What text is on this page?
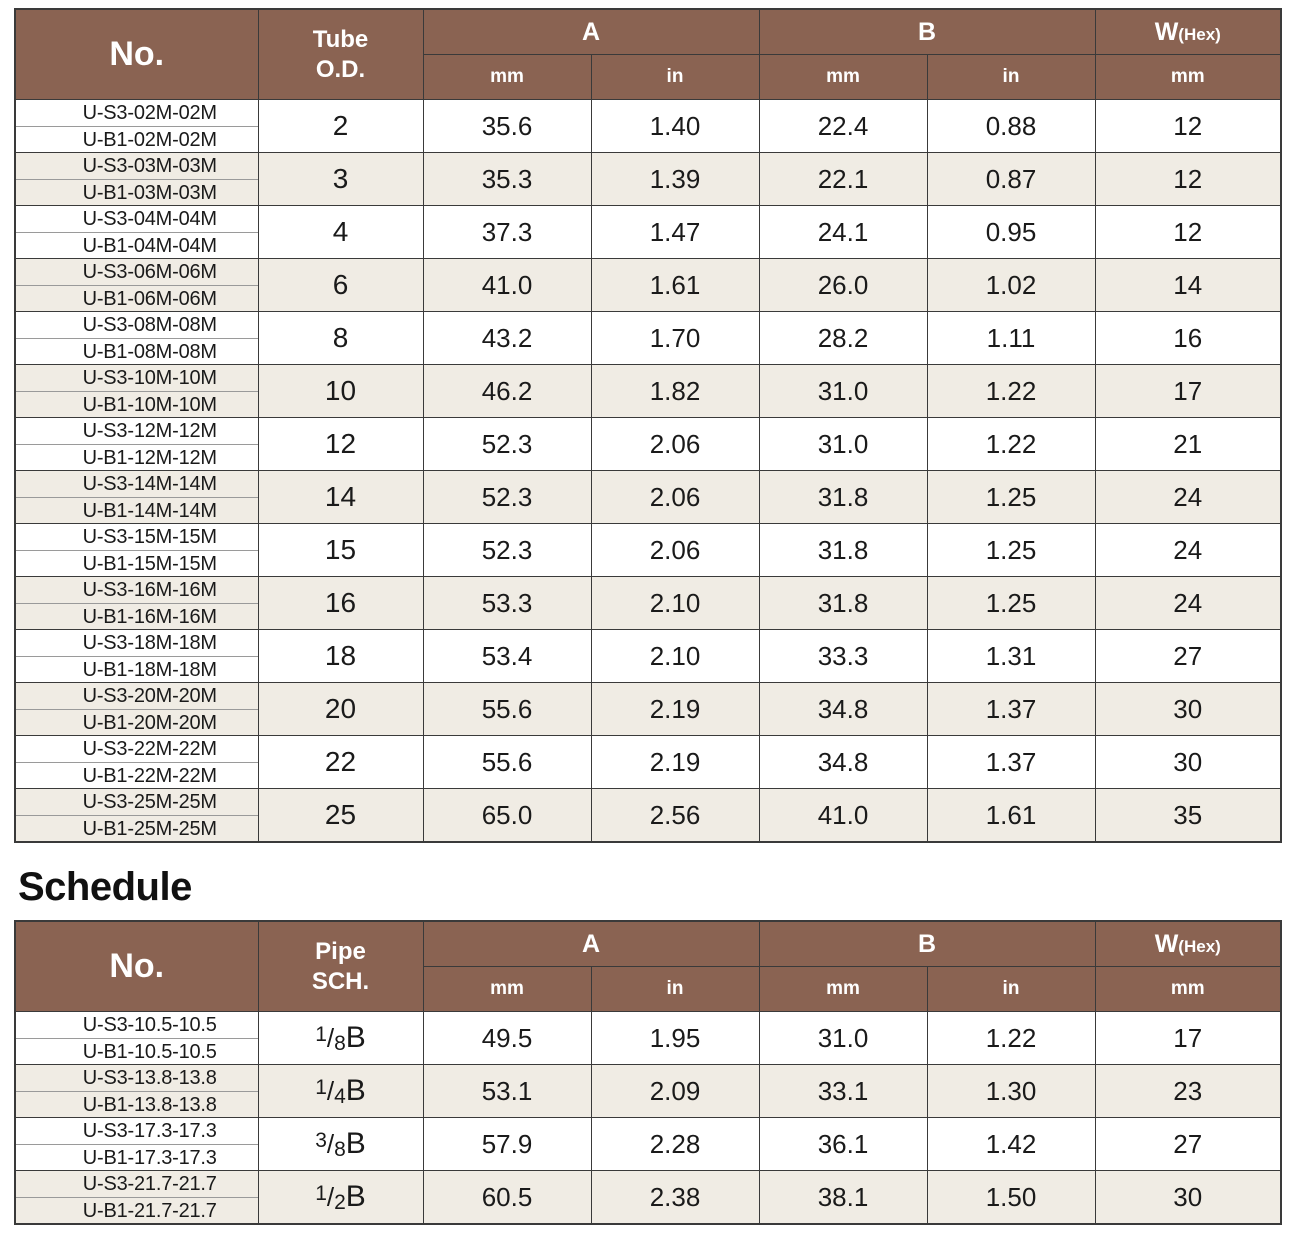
No.	Tube
O.D.	A		B		W(Hex)
		mm	in	mm	in	mm

U-S3-02M-02M
U-B1-02M-02M	2	35.6	1.40	22.4	0.88	12

U-S3-03M-03M
U-B1-03M-03M	3	35.3	1.39	22.1	0.87	12

U-S3-04M-04M
U-B1-04M-04M	4	37.3	1.47	24.1	0.95	12

U-S3-06M-06M
U-B1-06M-06M	6	41.0	1.61	26.0	1.02	14

U-S3-08M-08M
U-B1-08M-08M	8	43.2	1.70	28.2	1.11	16

U-S3-10M-10M
U-B1-10M-10M	10	46.2	1.82	31.0	1.22	17

U-S3-12M-12M
U-B1-12M-12M	12	52.3	2.06	31.0	1.22	21

U-S3-14M-14M
U-B1-14M-14M	14	52.3	2.06	31.8	1.25	24

U-S3-15M-15M
U-B1-15M-15M	15	52.3	2.06	31.8	1.25	24

U-S3-16M-16M
U-B1-16M-16M	16	53.3	2.10	31.8	1.25	24

U-S3-18M-18M
U-B1-18M-18M	18	53.4	2.10	33.3	1.31	27

U-S3-20M-20M
U-B1-20M-20M	20	55.6	2.19	34.8	1.37	30

U-S3-22M-22M
U-B1-22M-22M	22	55.6	2.19	34.8	1.37	30

U-S3-25M-25M
U-B1-25M-25M	25	65.0	2.56	41.0	1.61	35
Schedule
No.	Pipe
SCH.	A		B		W(Hex)
		mm	in	mm	in	mm

U-S3-10.5-10.5
U-B1-10.5-10.5	$^1/_8B$	49.5	1.95	31.0	1.22	17

U-S3-13.8-13.8
U-B1-13.8-13.8	$^1/_4B$	53.1	2.09	33.1	1.30	23

U-S3-17.3-17.3
U-B1-17.3-17.3	$^3/_8B$	57.9	2.28	36.1	1.42	27

U-S3-21.7-21.7
U-B1-21.7-21.7	$^1/_2B$	60.5	2.38	38.1	1.50	30
